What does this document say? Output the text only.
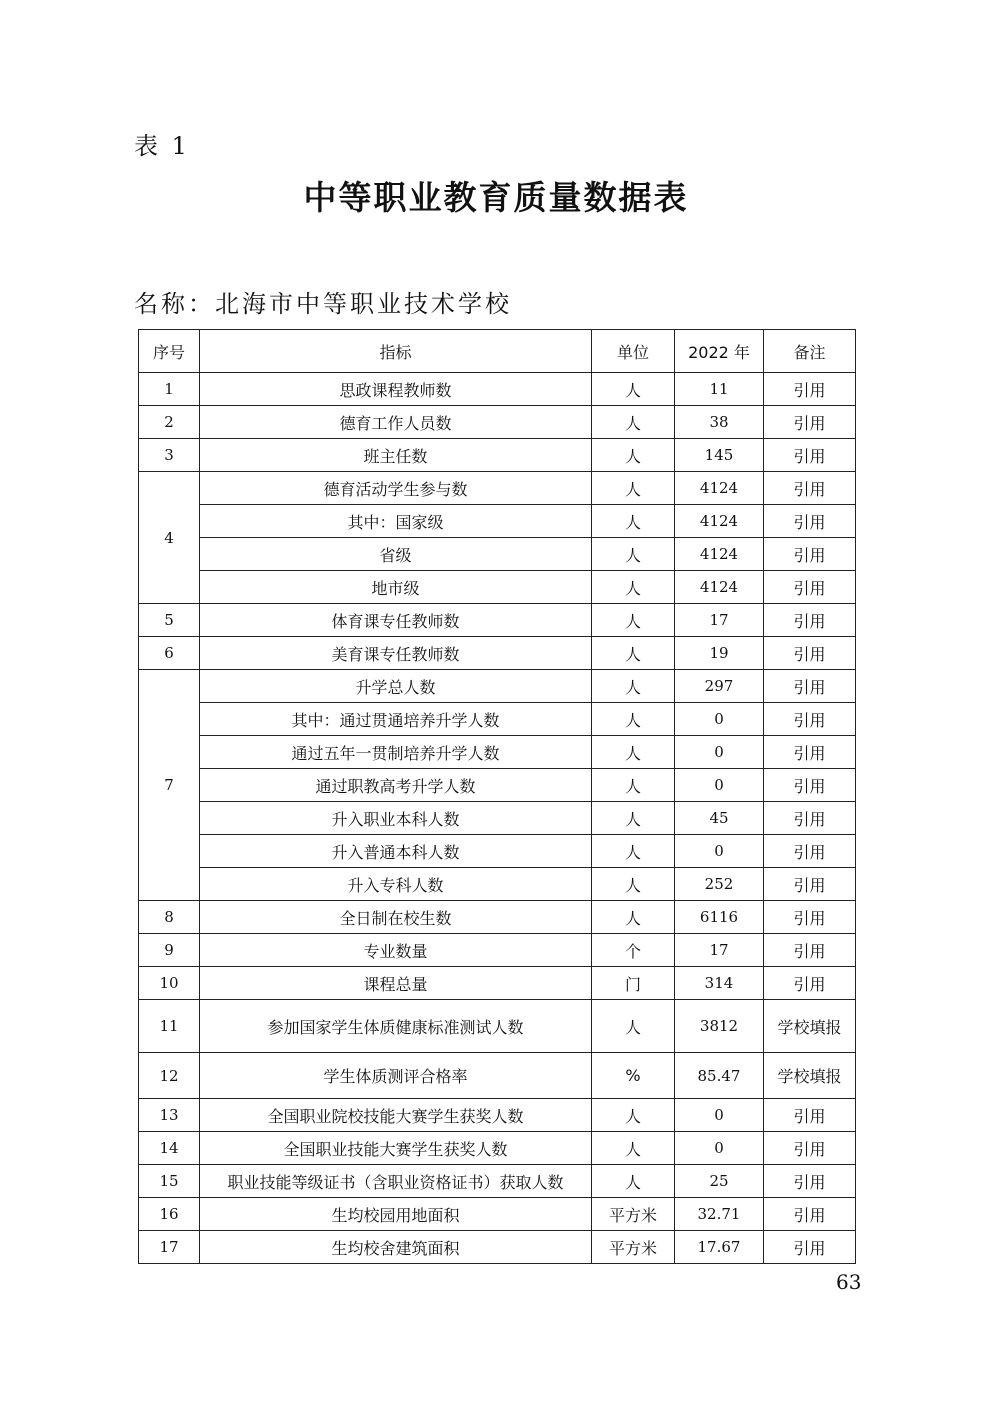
表 1
中等职业教育质量数据表
名称：北海市中等职业技术学校
序号	指标	单位	2022 年	备注
1	思政课程教师数	人	11	引用
2	德育工作人员数	人	38	引用
3	班主任数	人	145	引用
4	德育活动学生参与数	人	4124	引用
	其中：国家级	人	4124	引用
	省级	人	4124	引用
	地市级	人	4124	引用
5	体育课专任教师数	人	17	引用
6	美育课专任教师数	人	19	引用
7	升学总人数	人	297	引用
	其中：通过贯通培养升学人数	人	0	引用
	通过五年一贯制培养升学人数	人	0	引用
	通过职教高考升学人数	人	0	引用
	升入职业本科人数	人	45	引用
	升入普通本科人数	人	0	引用
	升入专科人数	人	252	引用
8	全日制在校生数	人	6116	引用
9	专业数量	个	17	引用
10	课程总量	门	314	引用
11	参加国家学生体质健康标准测试人数	人	3812	学校填报
12	学生体质测评合格率	%	85.47	学校填报
13	全国职业院校技能大赛学生获奖人数	人	0	引用
14	全国职业技能大赛学生获奖人数	人	0	引用
15	职业技能等级证书（含职业资格证书）获取人数	人	25	引用
16	生均校园用地面积	平方米	32.71	引用
17	生均校舍建筑面积	平方米	17.67	引用
63
